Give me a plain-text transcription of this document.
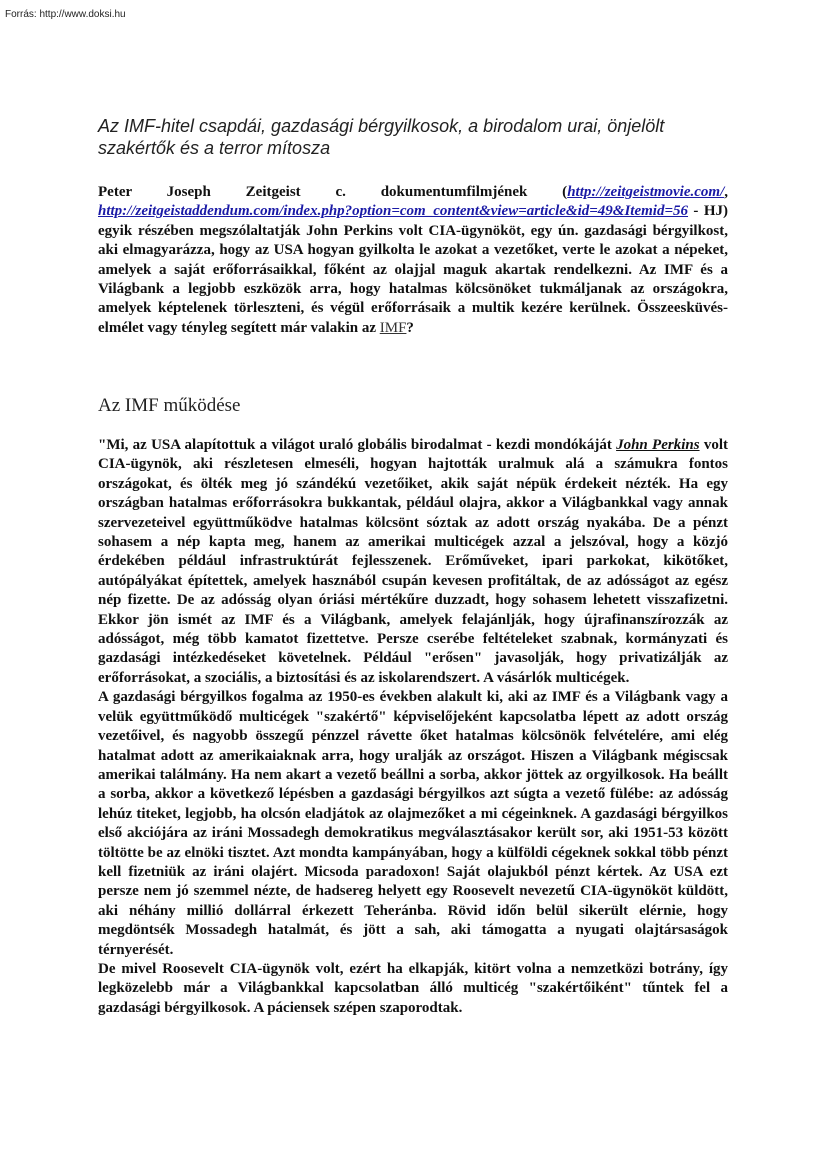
Forrás: http://www.doksi.hu
Az IMF-hitel csapdái, gazdasági bérgyilkosok, a birodalom urai, önjelölt szakértők és a terror mítosza

Peter Joseph Zeitgeist c. dokumentumfilmjének (http://zeitgeistmovie.com/, http://zeitgeistaddendum.com/index.php?option=com_content&view=article&id=49&Itemid=56 - HJ) egyik részében megszólaltatják John Perkins volt CIA-ügynököt, egy ún. gazdasági bérgyilkost, aki elmagyarázza, hogy az USA hogyan gyilkolta le azokat a vezetőket, verte le azokat a népeket, amelyek a saját erőforrásaikkal, főként az olajjal maguk akartak rendelkezni. Az IMF és a Világbank a legjobb eszközök arra, hogy hatalmas kölcsönöket tukmáljanak az országokra, amelyek képtelenek törleszteni, és végül erőforrásaik a multik kezére kerülnek. Összeesküvés-elmélet vagy tényleg segített már valakin az IMF?

Az IMF működése

"Mi, az USA alapítottuk a világot uraló globális birodalmat - kezdi mondókáját John Perkins volt CIA-ügynök, aki részletesen elmeséli, hogyan hajtották uralmuk alá a számukra fontos országokat, és ölték meg jó szándékú vezetőiket, akik saját népük érdekeit nézték. Ha egy országban hatalmas erőforrásokra bukkantak, például olajra, akkor a Világbankkal vagy annak szervezeteivel együttműködve hatalmas kölcsönt sóztak az adott ország nyakába. De a pénzt sohasem a nép kapta meg, hanem az amerikai multicégek azzal a jelszóval, hogy a közjó érdekében például infrastruktúrát fejlesszenek. Erőműveket, ipari parkokat, kikötőket, autópályákat építettek, amelyek hasznából csupán kevesen profitáltak, de az adósságot az egész nép fizette. De az adósság olyan óriási mértékűre duzzadt, hogy sohasem lehetett visszafizetni. Ekkor jön ismét az IMF és a Világbank, amelyek felajánlják, hogy újrafinanszírozzák az adósságot, még több kamatot fizettetve. Persze cserébe feltételeket szabnak, kormányzati és gazdasági intézkedéseket követelnek. Például "erősen" javasolják, hogy privatizálják az erőforrásokat, a szociális, a biztosítási és az iskolarendszert. A vásárlók multicégek.

A gazdasági bérgyilkos fogalma az 1950-es években alakult ki, aki az IMF és a Világbank vagy a velük együttműködő multicégek "szakértő" képviselőjeként kapcsolatba lépett az adott ország vezetőivel, és nagyobb összegű pénzzel rávette őket hatalmas kölcsönök felvételére, ami elég hatalmat adott az amerikaiaknak arra, hogy uralják az országot. Hiszen a Világbank mégiscsak amerikai találmány. Ha nem akart a vezető beállni a sorba, akkor jöttek az orgyilkosok. Ha beállt a sorba, akkor a következő lépésben a gazdasági bérgyilkos azt súgta a vezető fülébe: az adósság lehúz titeket, legjobb, ha olcsón eladjátok az olajmezőket a mi cégeinknek. A gazdasági bérgyilkos első akciójára az iráni Mossadegh demokratikus megválasztásakor került sor, aki 1951-53 között töltötte be az elnöki tisztet. Azt mondta kampányában, hogy a külföldi cégeknek sokkal több pénzt kell fizetniük az iráni olajért. Micsoda paradoxon! Saját olajukból pénzt kértek. Az USA ezt persze nem jó szemmel nézte, de hadsereg helyett egy Roosevelt nevezetű CIA-ügynököt küldött, aki néhány millió dollárral érkezett Teheránba. Rövid időn belül sikerült elérnie, hogy megdöntsék Mossadegh hatalmát, és jött a sah, aki támogatta a nyugati olajtársaságok térnyerését.

De mivel Roosevelt CIA-ügynök volt, ezért ha elkapják, kitört volna a nemzetközi botrány, így legközelebb már a Világbankkal kapcsolatban álló multicég "szakértőiként" tűntek fel a gazdasági bérgyilkosok. A páciensek szépen szaporodtak.
